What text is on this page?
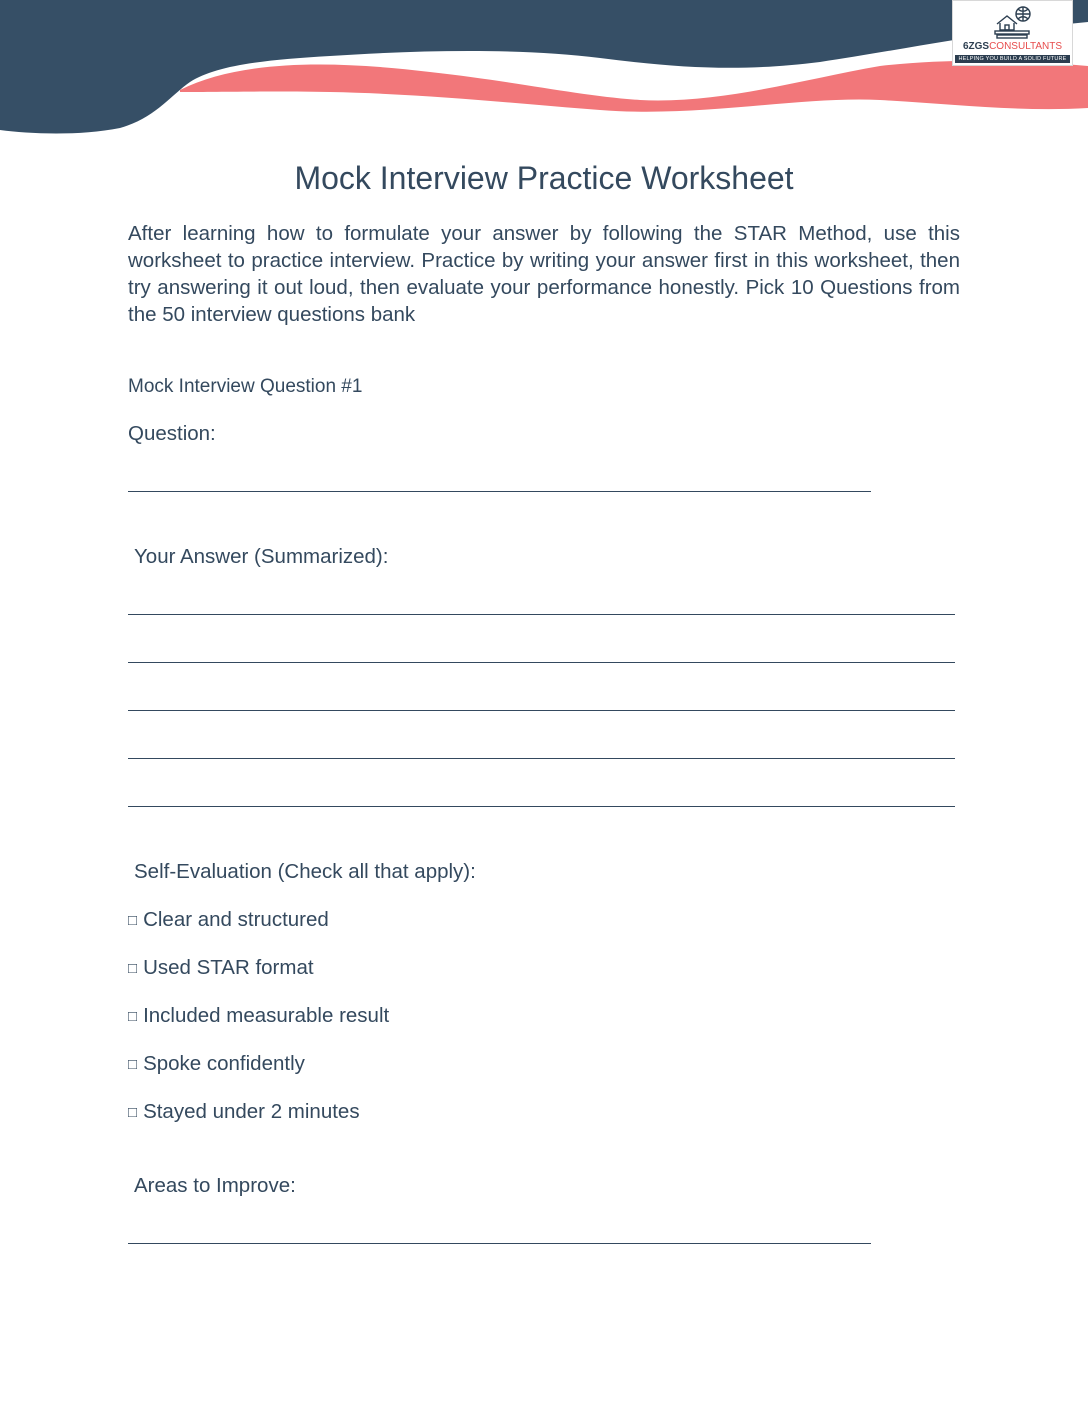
6ZGSCONSULTANTS
HELPING YOU BUILD A SOLID FUTURE
Mock Interview Practice Worksheet

After learning how to formulate your answer by following the STAR Method, use this worksheet to practice interview. Practice by writing your answer first in this worksheet, then try answering it out loud, then evaluate your performance honestly. Pick 10 Questions from the 50 interview questions bank

Mock Interview Question #1
Question:
Your Answer (Summarized):
Self-Evaluation (Check all that apply):
□ Clear and structured
□ Used STAR format
□ Included measurable result
□ Spoke confidently
□ Stayed under 2 minutes
Areas to Improve:
